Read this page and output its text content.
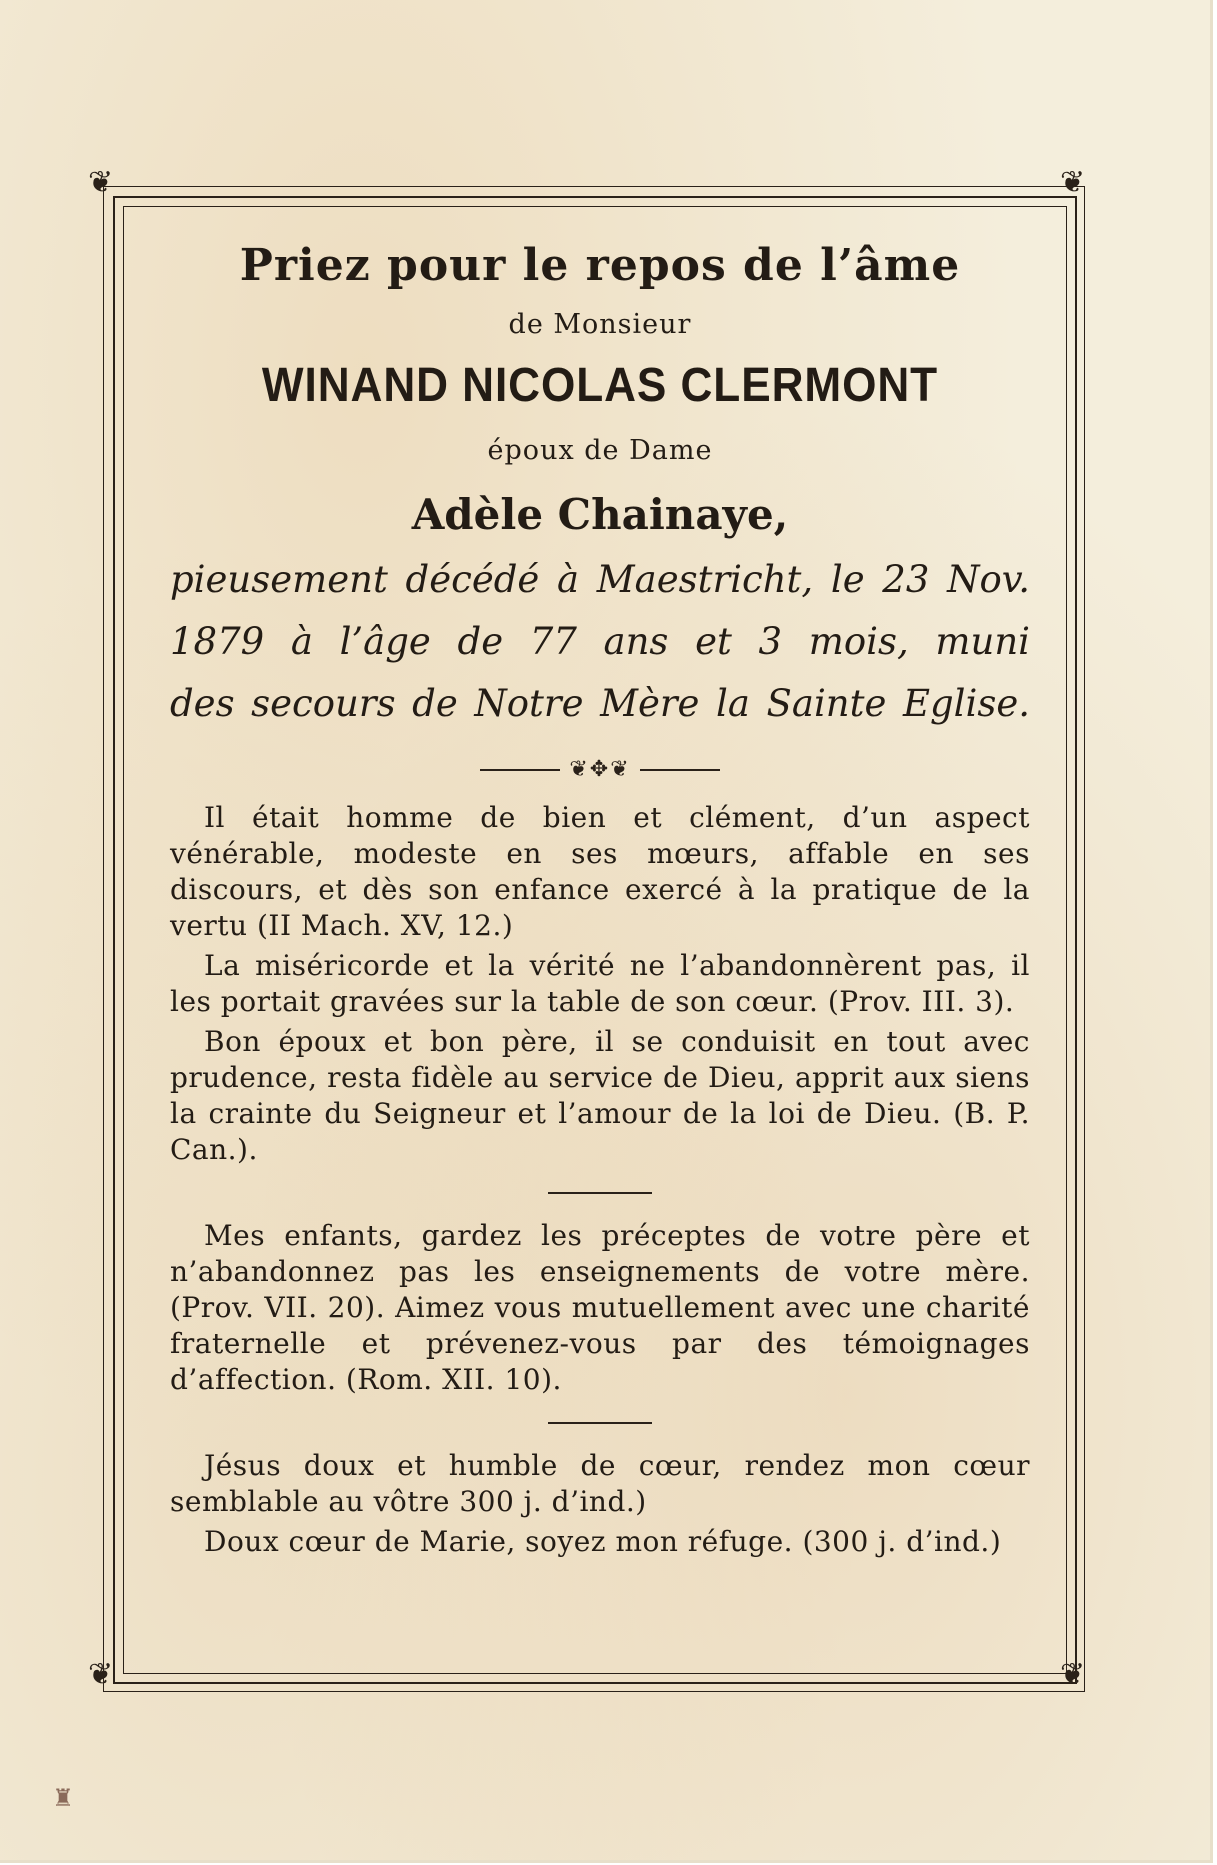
❦	❦
❦	❦
Priez pour le repos de l’âme
de Monsieur
WINAND NICOLAS CLERMONT
époux de Dame
Adèle Chainaye,
pieusement décédé à Maestricht, le 23 Nov.
1879 à l’âge de 77 ans et 3 mois, muni
des secours de Notre Mère la Sainte Eglise.
❦✥❦

Il était homme de bien et clément, d’un aspect vénérable, modeste en ses mœurs, affable en ses discours, et dès son enfance exercé à la pratique de la vertu (II Mach. XV, 12.)

La miséricorde et la vérité ne l’abandonnèrent pas, il les portait gravées sur la table de son cœur. (Prov. III. 3).

Bon époux et bon père, il se conduisit en tout avec prudence, resta fidèle au service de Dieu, apprit aux siens la crainte du Seigneur et l’amour de la loi de Dieu. (B. P. Can.).

Mes enfants, gardez les préceptes de votre père et n’abandonnez pas les enseignements de votre mère. (Prov. VII. 20). Aimez vous mutuellement avec une charité fraternelle et prévenez-vous par des témoignages d’affection. (Rom. XII. 10).

Jésus doux et humble de cœur, rendez mon cœur semblable au vôtre 300 j. d’ind.)

Doux cœur de Marie, soyez mon réfuge. (300 j. d’ind.)

♜
